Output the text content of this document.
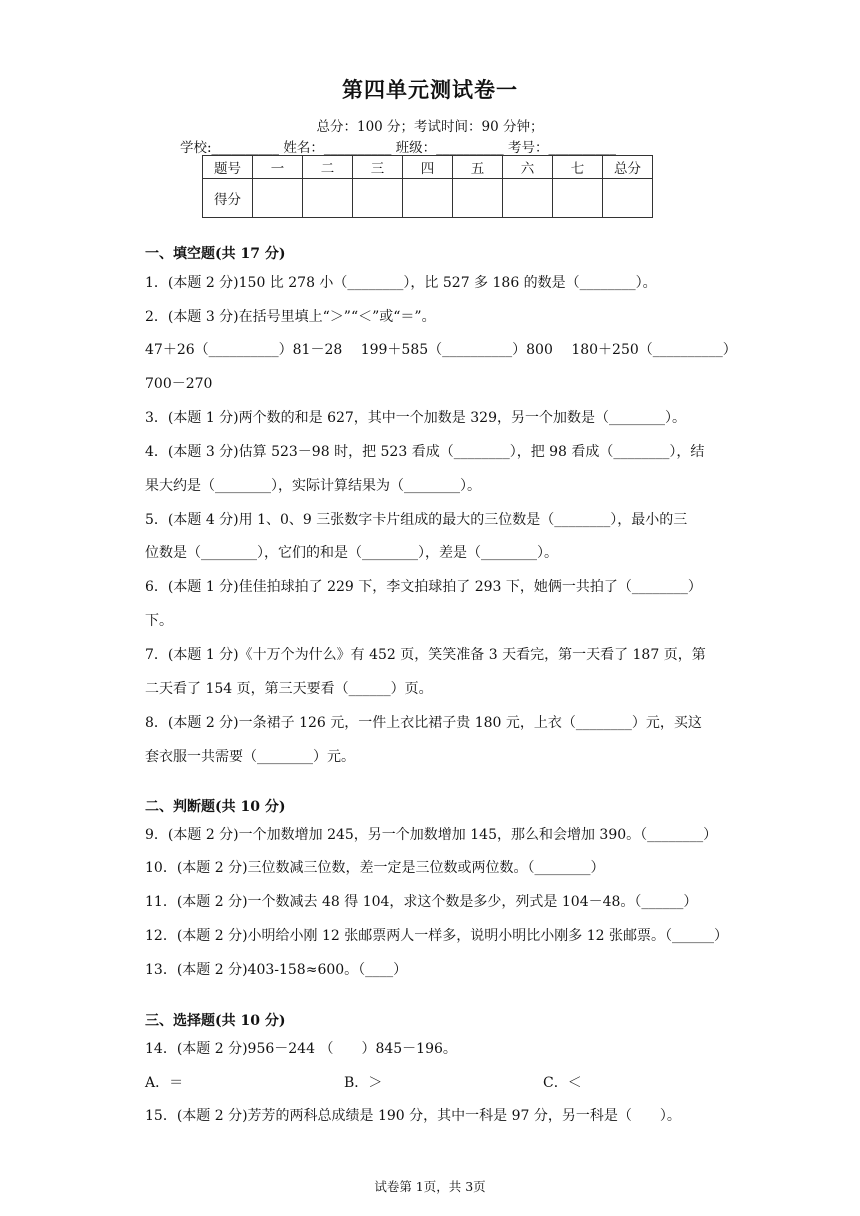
第四单元测试卷一
总分：100 分；考试时间：90 分钟；
学校:__________ 姓名：__________ 班级：__________ 考号：__________
题号	一	二	三	四	五	六	七	总分
得分								
一、填空题(共 17 分)
1．(本题 2 分)150 比 278 小（________），比 527 多 186 的数是（________）。
2．(本题 3 分)在括号里填上“＞”“＜”或“＝”。
47＋26（__________）81－28　 199＋585（__________）800　 180＋250（__________）
700－270
3．(本题 1 分)两个数的和是 627，其中一个加数是 329，另一个加数是（________）。
4．(本题 3 分)估算 523－98 时，把 523 看成（________），把 98 看成（________），结
果大约是（________），实际计算结果为（________）。
5．(本题 4 分)用 1、0、9 三张数字卡片组成的最大的三位数是（________），最小的三
位数是（________），它们的和是（________），差是（________）。
6．(本题 1 分)佳佳拍球拍了 229 下，李文拍球拍了 293 下，她俩一共拍了（________）
下。
7．(本题 1 分)《十万个为什么》有 452 页，笑笑准备 3 天看完，第一天看了 187 页，第
二天看了 154 页，第三天要看（______）页。
8．(本题 2 分)一条裙子 126 元，一件上衣比裙子贵 180 元，上衣（________）元，买这
套衣服一共需要（________）元。
二、判断题(共 10 分)
9．(本题 2 分)一个加数增加 245，另一个加数增加 145，那么和会增加 390。（________）
10．(本题 2 分)三位数减三位数，差一定是三位数或两位数。（________）
11．(本题 2 分)一个数减去 48 得 104，求这个数是多少，列式是 104－48。（______）
12．(本题 2 分)小明给小刚 12 张邮票两人一样多，说明小明比小刚多 12 张邮票。（______）
13．(本题 2 分)403-158≈600。（____）
三、选择题(共 10 分)
14．(本题 2 分)956－244 （　　）845－196。
A．＝	B．＞	C．＜
15．(本题 2 分)芳芳的两科总成绩是 190 分，其中一科是 97 分，另一科是（　　）。
试卷第 1页，共 3页
